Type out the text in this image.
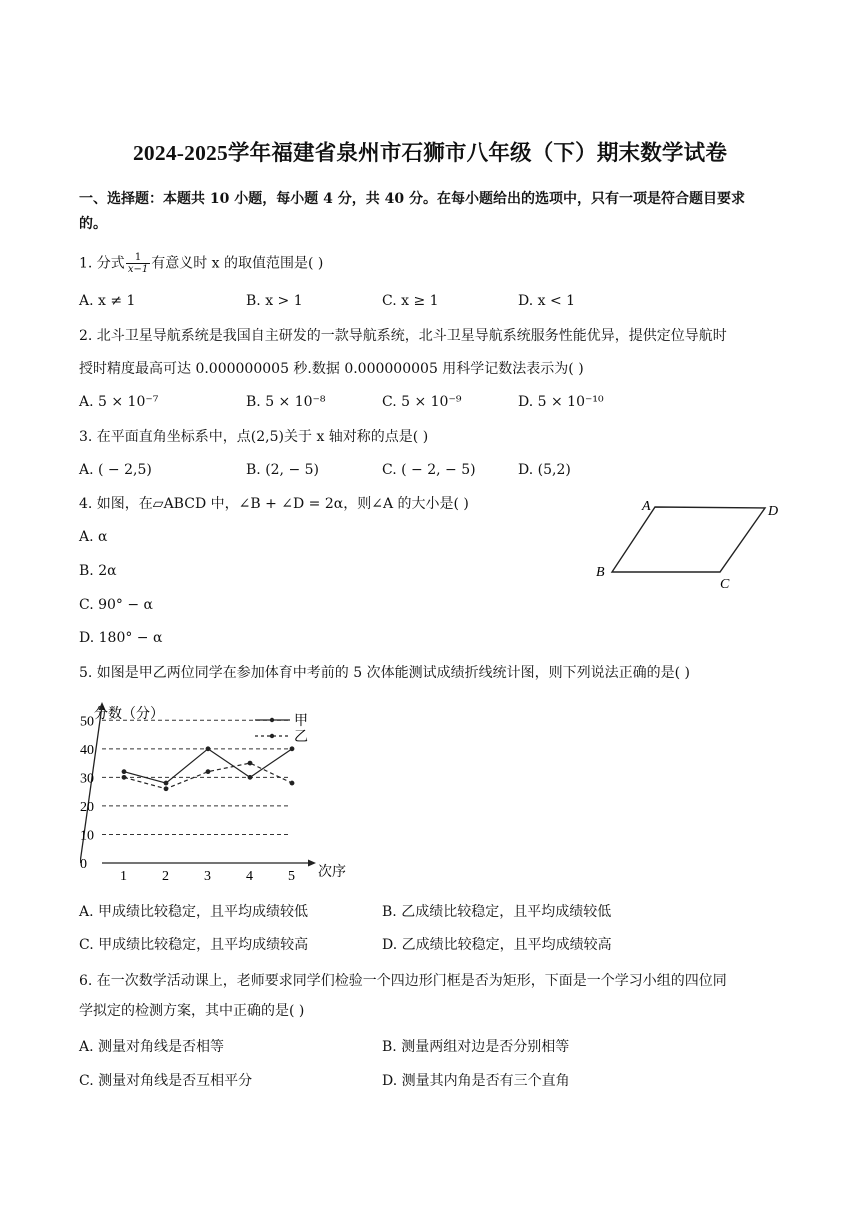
2024-2025学年福建省泉州市石狮市八年级（下）期末数学试卷
一、选择题：本题共 10 小题，每小题 4 分，共 40 分。在每小题给出的选项中，只有一项是符合题目要求
的。
1. 分式 $\frac{1}{x-1}$ 有意义时 x 的取值范围是( )
A. x ≠ 1	B. x > 1	C. x ≥ 1	D. x < 1
2. 北斗卫星导航系统是我国自主研发的一款导航系统，北斗卫星导航系统服务性能优异，提供定位导航时
授时精度最高可达 0.000000005 秒.数据 0.000000005 用科学记数法表示为( )
A. 5 × 10⁻⁷	B. 5 × 10⁻⁸	C. 5 × 10⁻⁹	D. 5 × 10⁻¹⁰
3. 在平面直角坐标系中，点(2,5)关于 x 轴对称的点是( )
A. ( − 2,5)	B. (2, − 5)	C. ( − 2, − 5)	D. (5,2)
4. 如图，在▱ABCD 中，∠B + ∠D = 2α，则∠A 的大小是( )
A. α
B. 2α
C. 90° − α
D. 180° − α
A	D
B
C
5. 如图是甲乙两位同学在参加体育中考前的 5 次体能测试成绩折线统计图，则下列说法正确的是( )
分数（分）
次序
0
10
20
30
40
50
1	2	3	4	5
甲
乙
A. 甲成绩比较稳定，且平均成绩较低	B. 乙成绩比较稳定，且平均成绩较低
C. 甲成绩比较稳定，且平均成绩较高	D. 乙成绩比较稳定，且平均成绩较高
6. 在一次数学活动课上，老师要求同学们检验一个四边形门框是否为矩形，下面是一个学习小组的四位同
学拟定的检测方案，其中正确的是( )
A. 测量对角线是否相等	B. 测量两组对边是否分别相等
C. 测量对角线是否互相平分	D. 测量其内角是否有三个直角
